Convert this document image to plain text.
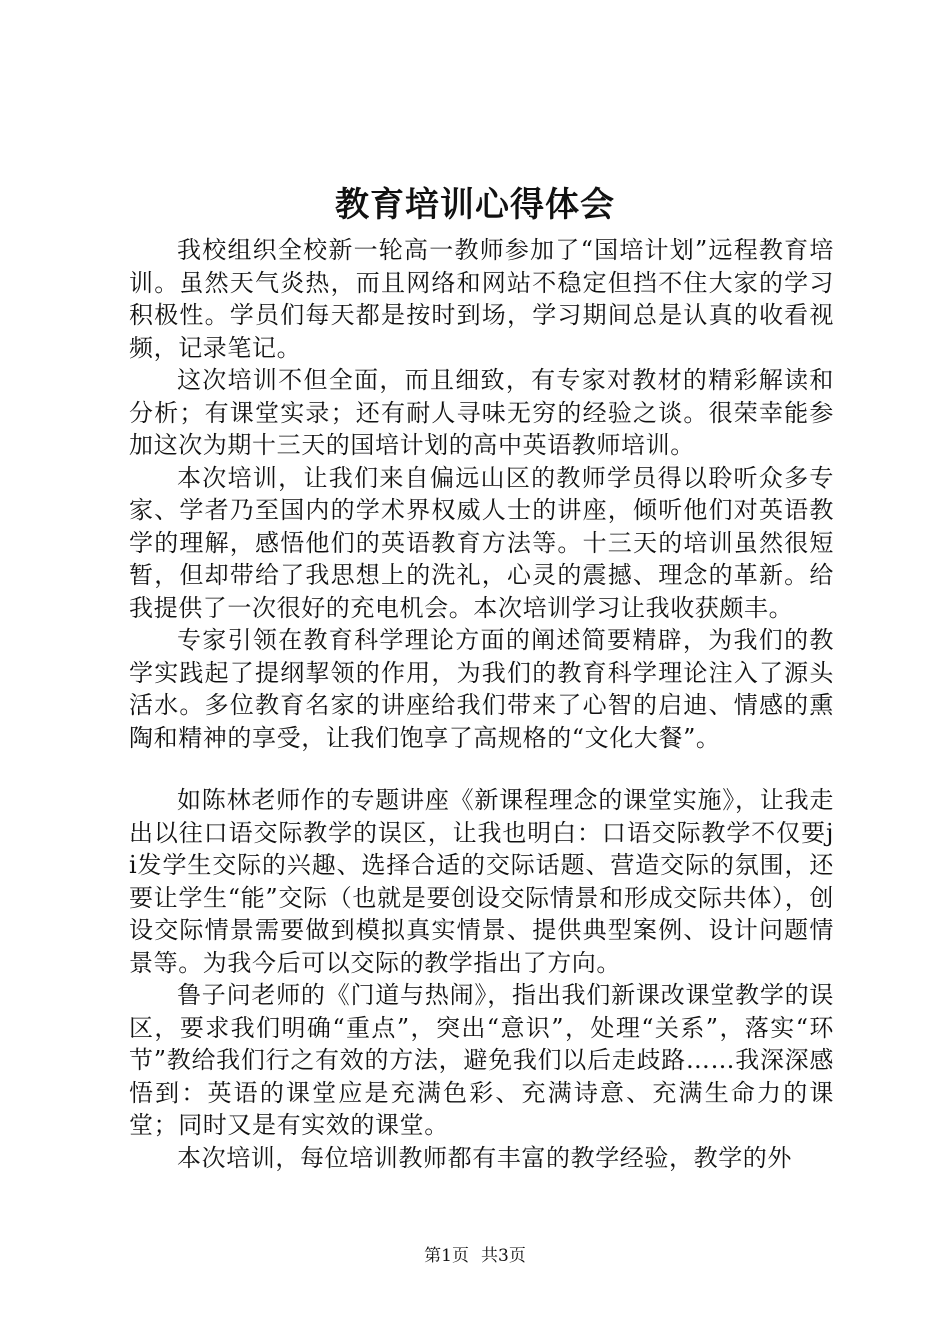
教育培训心得体会

我校组织全校新一轮高一教师参加了“国培计划”远程教育培训。虽然天气炎热，而且网络和网站不稳定但挡不住大家的学习积极性。学员们每天都是按时到场，学习期间总是认真的收看视频，记录笔记。

这次培训不但全面，而且细致，有专家对教材的精彩解读和分析；有课堂实录；还有耐人寻味无穷的经验之谈。很荣幸能参加这次为期十三天的国培计划的高中英语教师培训。

本次培训，让我们来自偏远山区的教师学员得以聆听众多专家、学者乃至国内的学术界权威人士的讲座，倾听他们对英语教学的理解，感悟他们的英语教育方法等。十三天的培训虽然很短暂，但却带给了我思想上的洗礼，心灵的震撼、理念的革新。给我提供了一次很好的充电机会。本次培训学习让我收获颇丰。

专家引领在教育科学理论方面的阐述简要精辟，为我们的教学实践起了提纲挈领的作用，为我们的教育科学理论注入了源头活水。多位教育名家的讲座给我们带来了心智的启迪、情感的熏陶和精神的享受，让我们饱享了高规格的“文化大餐”。

如陈林老师作的专题讲座《新课程理念的课堂实施》，让我走出以往口语交际教学的误区，让我也明白：口语交际教学不仅要ji发学生交际的兴趣、选择合适的交际话题、营造交际的氛围，还要让学生“能”交际（也就是要创设交际情景和形成交际共体），创设交际情景需要做到模拟真实情景、提供典型案例、设计问题情景等。为我今后可以交际的教学指出了方向。

鲁子问老师的《门道与热闹》，指出我们新课改课堂教学的误区，要求我们明确“重点”，突出“意识”，处理“关系”，落实“环节”教给我们行之有效的方法，避免我们以后走歧路……我深深感悟到：英语的课堂应是充满色彩、充满诗意、充满生命力的课堂；同时又是有实效的课堂。

本次培训，每位培训教师都有丰富的教学经验，教学的外

第1页 共3页
